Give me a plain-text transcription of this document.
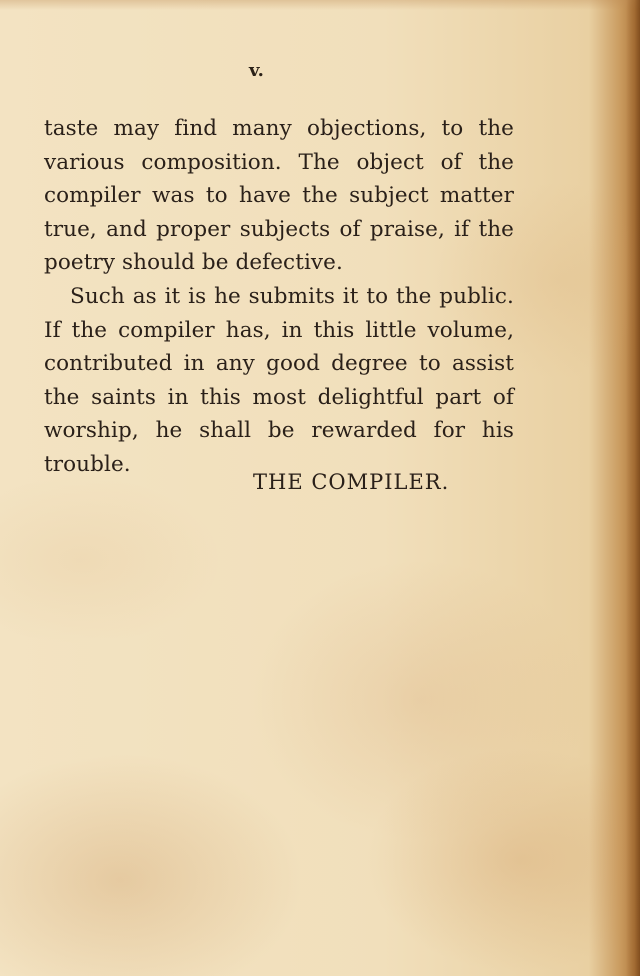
v.
taste may find many objections, to the
various composition. The object of the
compiler was to have the subject matter
true, and proper subjects of praise, if the
poetry should be defective.
Such as it is he submits it to the public.
If the compiler has, in this little volume,
contributed in any good degree to assist
the saints in this most delightful part of
worship, he shall be rewarded for his
trouble.
THE COMPILER.
